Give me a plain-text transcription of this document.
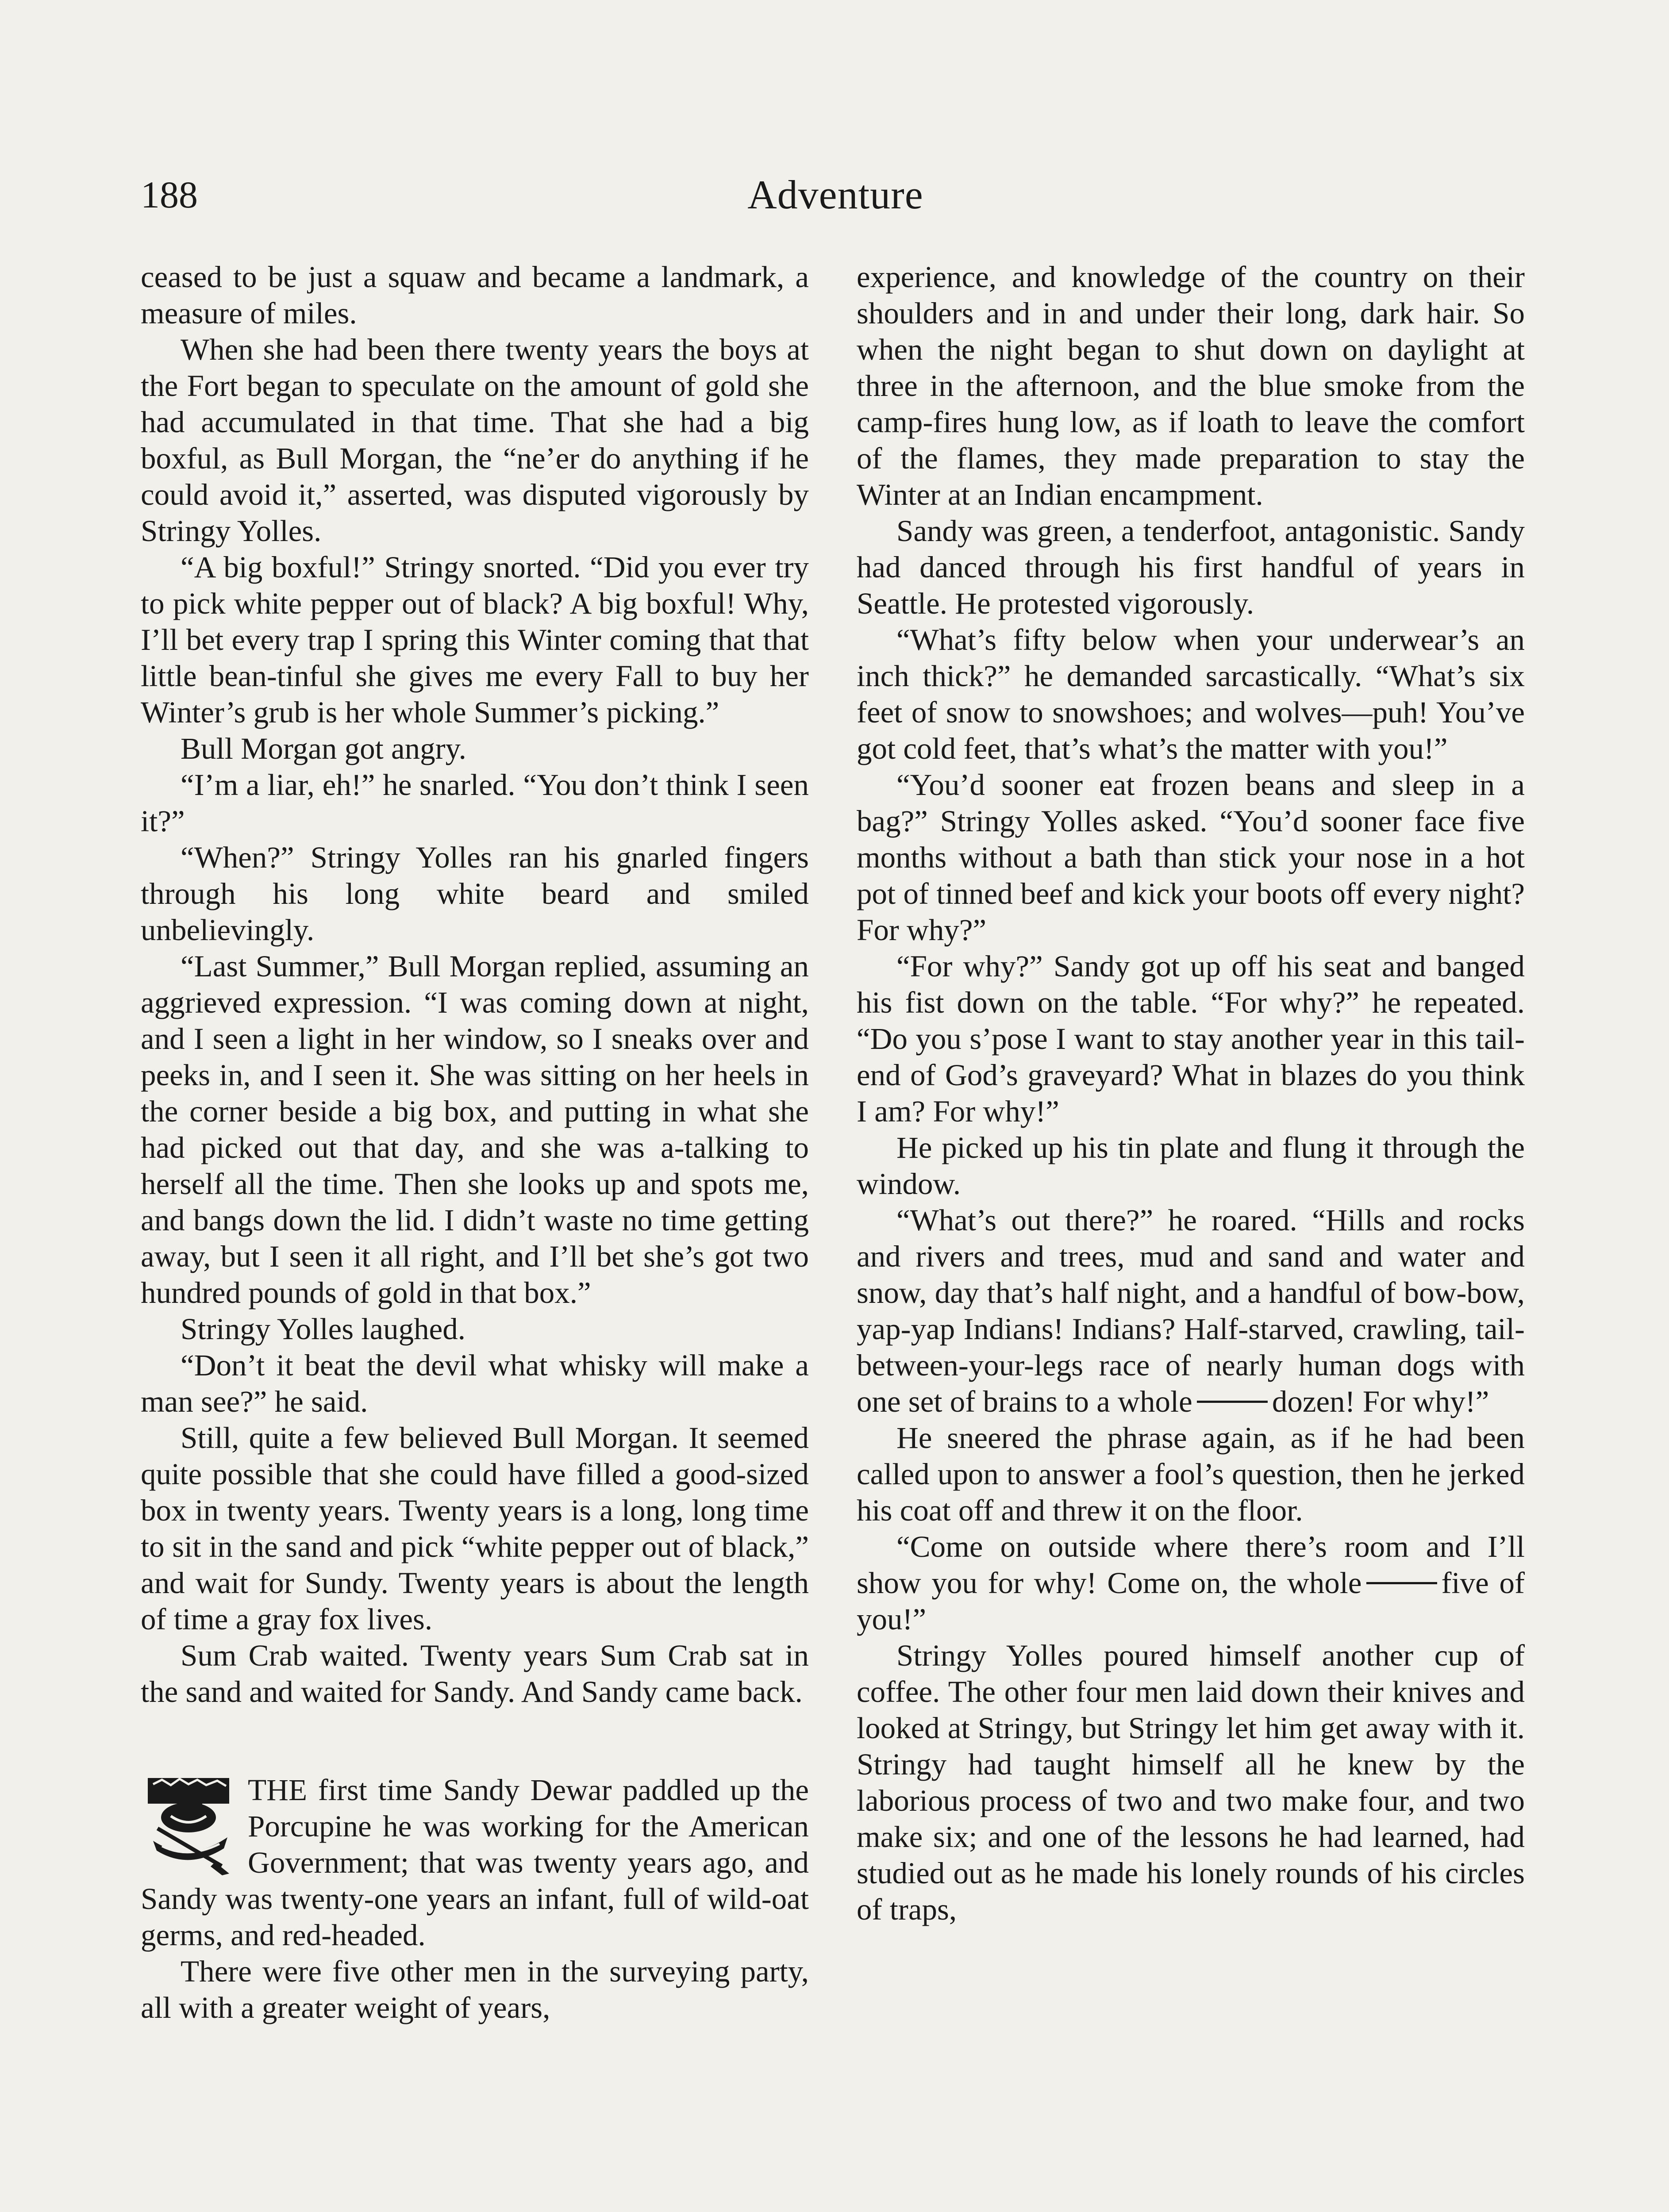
188	Adventure

ceased to be just a squaw and became a landmark, a measure of miles.

When she had been there twenty years the boys at the Fort began to speculate on the amount of gold she had accumulated in that time. That she had a big boxful, as Bull Morgan, the “ne’er do anything if he could avoid it,” asserted, was disputed vigorously by Stringy Yolles.

“A big boxful!” Stringy snorted. “Did you ever try to pick white pepper out of black? A big boxful! Why, I’ll bet every trap I spring this Winter coming that that little bean-tinful she gives me every Fall to buy her Winter’s grub is her whole Summer’s picking.”

Bull Morgan got angry.

“I’m a liar, eh!” he snarled. “You don’t think I seen it?”

“When?” Stringy Yolles ran his gnarled fingers through his long white beard and smiled unbelievingly.

“Last Summer,” Bull Morgan replied, assuming an aggrieved expression. “I was coming down at night, and I seen a light in her window, so I sneaks over and peeks in, and I seen it. She was sitting on her heels in the corner beside a big box, and putting in what she had picked out that day, and she was a-talking to herself all the time. Then she looks up and spots me, and bangs down the lid. I didn’t waste no time getting away, but I seen it all right, and I’ll bet she’s got two hundred pounds of gold in that box.”

Stringy Yolles laughed.

“Don’t it beat the devil what whisky will make a man see?” he said.

Still, quite a few believed Bull Morgan. It seemed quite possible that she could have filled a good-sized box in twenty years. Twenty years is a long, long time to sit in the sand and pick “white pepper out of black,” and wait for Sundy. Twenty years is about the length of time a gray fox lives.

Sum Crab waited. Twenty years Sum Crab sat in the sand and waited for Sandy. And Sandy came back.

THE first time Sandy Dewar paddled up the Porcupine he was working for the American Government; that was twenty years ago, and Sandy was twenty-one years an infant, full of wild-oat germs, and red-headed.

There were five other men in the surveying party, all with a greater weight of years,

experience, and knowledge of the country on their shoulders and in and under their long, dark hair. So when the night began to shut down on daylight at three in the afternoon, and the blue smoke from the camp-fires hung low, as if loath to leave the comfort of the flames, they made preparation to stay the Winter at an Indian encampment.

Sandy was green, a tenderfoot, antagonistic. Sandy had danced through his first handful of years in Seattle. He protested vigorously.

“What’s fifty below when your underwear’s an inch thick?” he demanded sarcastically. “What’s six feet of snow to snowshoes; and wolves—puh! You’ve got cold feet, that’s what’s the matter with you!”

“You’d sooner eat frozen beans and sleep in a bag?” Stringy Yolles asked. “You’d sooner face five months without a bath than stick your nose in a hot pot of tinned beef and kick your boots off every night? For why?”

“For why?” Sandy got up off his seat and banged his fist down on the table. “For why?” he repeated. “Do you s’pose I want to stay another year in this tail-end of God’s graveyard? What in blazes do you think I am? For why!”

He picked up his tin plate and flung it through the window.

“What’s out there?” he roared. “Hills and rocks and rivers and trees, mud and sand and water and snow, day that’s half night, and a handful of bow-bow, yap-yap Indians! Indians? Half-starved, crawling, tail-between-your-legs race of nearly human dogs with one set of brains to a whole	dozen! For why!”

He sneered the phrase again, as if he had been called upon to answer a fool’s question, then he jerked his coat off and threw it on the floor.

“Come on outside where there’s room and I’ll show you for why! Come on, the whole	five of you!”

Stringy Yolles poured himself another cup of coffee. The other four men laid down their knives and looked at Stringy, but Stringy let him get away with it. Stringy had taught himself all he knew by the laborious process of two and two make four, and two make six; and one of the lessons he had learned, had studied out as he made his lonely rounds of his circles of traps,
